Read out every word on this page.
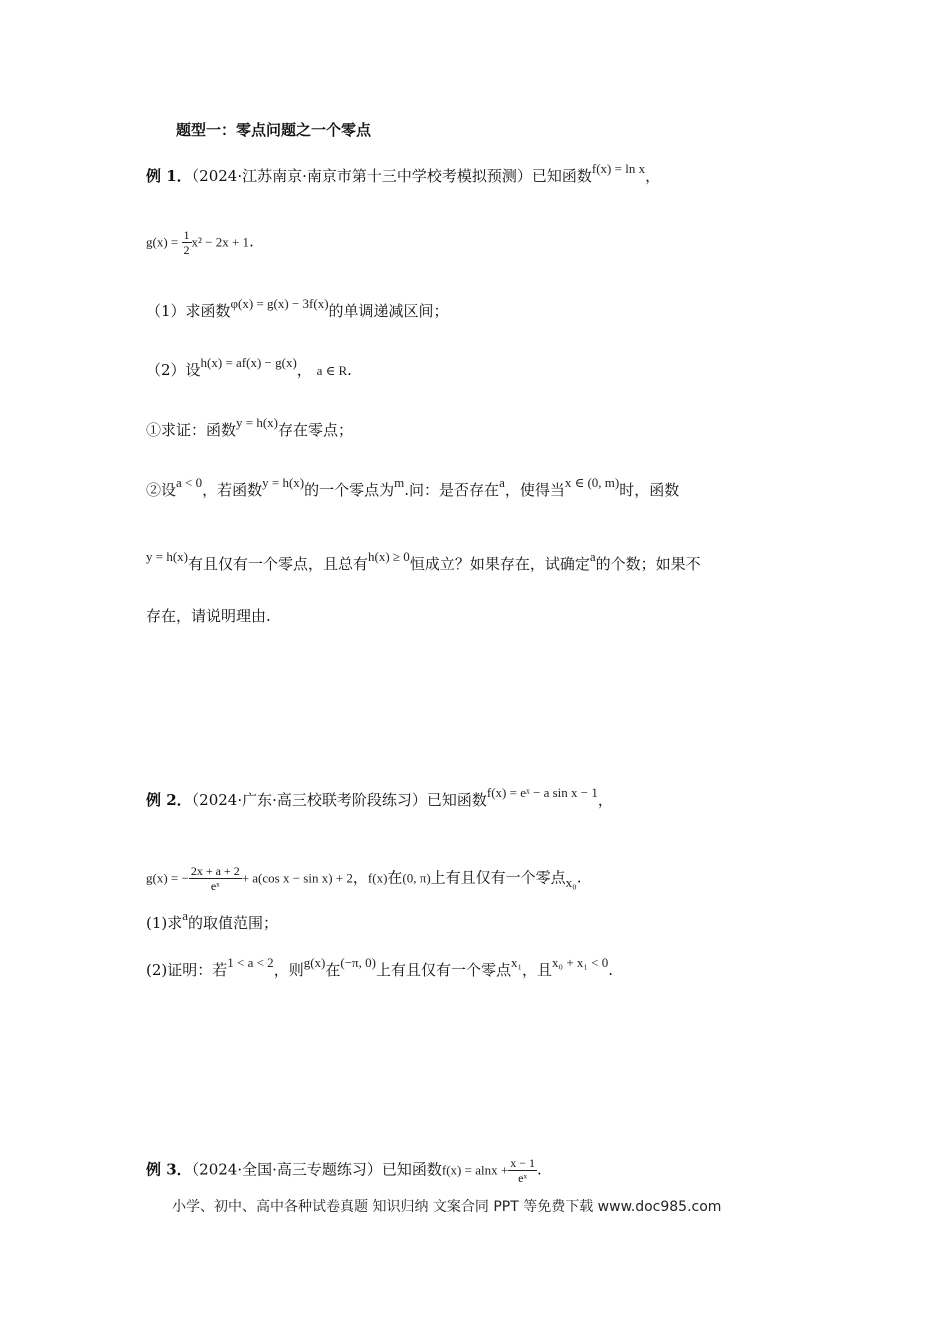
题型一：零点问题之一个零点
例 1．（2024·江苏南京·南京市第十三中学校考模拟预测）已知函数f(x) = ln x，
$g(x) = \frac{1}{2} x^2 - 2x + 1$.
（1）求函数φ(x) = g(x) − 3f(x)的单调递减区间；
（2）设h(x) = af(x) − g(x)， a ∈ R.
①求证：函数y = h(x)存在零点；
②设a < 0，若函数y = h(x)的一个零点为m.问：是否存在a，使得当x ∈ (0, m)时，函数
y = h(x)有且仅有一个零点，且总有h(x) ≥ 0恒成立？如果存在，试确定a的个数；如果不
存在，请说明理由.
例 2．（2024·广东·高三校联考阶段练习）已知函数f(x) = eˣ − a sin x − 1，
g(x) = − $\frac{2x + a + 2}{\text{eˣ}} + a(\cos$ x − sin x) + 2，f(x)在(0, π)上有且仅有一个零点x₀.
(1)求a的取值范围；
(2)证明：若1 < a < 2，则g(x)在(−π, 0)上有且仅有一个零点x₁，且x₀ + x₁ < 0.
例 3．（2024·全国·高三专题练习）已知函数$f(x) = alnx + \frac{x - 1}{\text{eˣ}}$ .
小学、初中、高中各种试卷真题 知识归纳 文案合同 PPT 等免费下载 www.doc985.com
